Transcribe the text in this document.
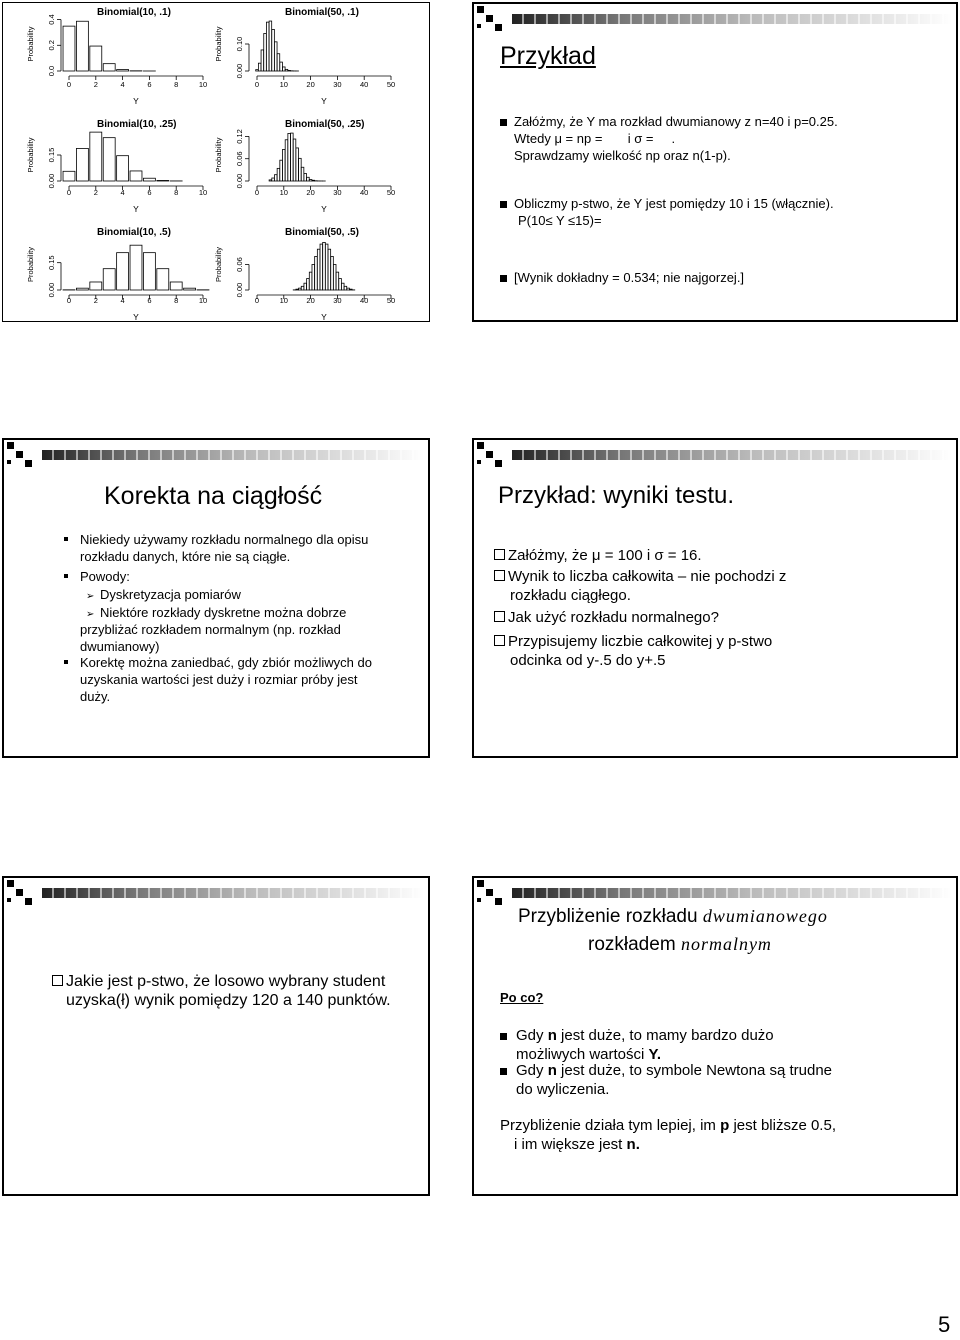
Binomial(10, .1)
0	2	4	6	8	10
Y
0.0
0.2
0.4
Probability
Binomial(50, .1)
0	10 20 30 40 50
Y
0.00
0.10
Probability
Binomial(10, .25)
0	2	4	6	8	10
Y
0.00
0.15
Probability
Binomial(50, .25)
0	10 20 30 40 50
Y
0.00
0.06
0.12
Probability
Binomial(10, .5)
0	2	4	6	8	10
Y
0.00
0.15
Probability
Binomial(50, .5)
0	10 20 30 40 50
Y
0.00
0.06
Probability
Przykład
Załóżmy, że Y ma rozkład dwumianowy z n=40 i p=0.25.
Wtedy μ = np =       i σ =     .
Sprawdzamy wielkość np oraz n(1-p).
Obliczmy p-stwo, że Y jest pomiędzy 10 i 15 (włącznie).
P(10≤ Y ≤15)=
[Wynik dokładny = 0.534; nie najgorzej.]
Korekta na ciągłość
Niekiedy używamy rozkładu normalnego dla opisu
rozkładu danych, które nie są ciągłe.
Powody:
➢ Dyskretyzacja pomiarów
➢ Niektóre rozkłady dyskretne można dobrze
przybliżać rozkładem normalnym (np. rozkład
dwumianowy)
Korektę można zaniedbać, gdy zbiór możliwych do
uzyskania wartości jest duży i rozmiar próby jest
duży.
Przykład: wyniki testu.
Załóżmy, że μ = 100 i σ = 16.
Wynik to liczba całkowita – nie pochodzi z
rozkładu ciągłego.
Jak użyć rozkładu normalnego?
Przypisujemy liczbie całkowitej y p-stwo
odcinka od y-.5 do y+.5
Jakie jest p-stwo, że losowo wybrany student
uzyska(ł) wynik pomiędzy 120 a 140 punktów.
Przybliżenie rozkładu dwumianowego
rozkładem normalnym
Po co?
Gdy n jest duże, to mamy bardzo dużo
możliwych wartości Y.
Gdy n jest duże, to symbole Newtona są trudne
do wyliczenia.
Przybliżenie działa tym lepiej, im p jest bliższe 0.5,
i im większe jest n.
5
